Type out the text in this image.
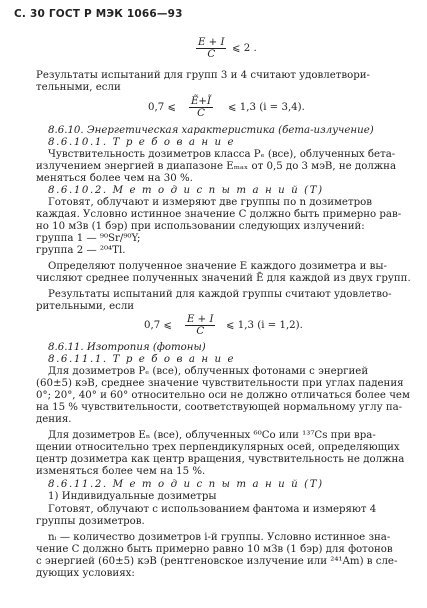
С. 30 ГОСТ Р МЭК 1066—93
$\frac{E + I}{C}$ ⩽ 2 .
Результаты испытаний для групп 3 и 4 считают удовлетвори-
тельными, если
0,7 ⩽ $\frac{Ẽ+Ĩ}{C}$ ⩽ 1,3 (i = 3,4).
8.6.10. Энергетическая характеристика (бета-излучение)
8.6.10.1. Т р е б о в а н и е
Чувствительность дозиметров класса Pₑ (все), облученных бета-
излучением энергией в диапазоне Eₘₐₓ от 0,5 до 3 мэВ, не должна
меняться более чем на 30 %.
8.6.10.2. М е т о д и с п ы т а н и й (Т)
Готовят, облучают и измеряют две группы по n дозиметров
каждая. Условно истинное значение C должно быть примерно рав-
но 10 мЗв (1 бэр) при использовании следующих излучений:
группа 1 — ⁹⁰Sr/⁹⁰Y;
группа 2 — ²⁰⁴Tl.
Определяют полученное значение E каждого дозиметра и вы-
числяют среднее полученных значений Ē для каждой из двух групп.
Результаты испытаний для каждой группы считают удовлетво-
рительными, если
0,7 ⩽ $\frac{E + I}{C}$ ⩽ 1,3 (i = 1,2).
8.6.11. Изотропия (фотоны)
8.6.11.1. Т р е б о в а н и е
Для дозиметров Pₑ (все), облученных фотонами с энергией
(60±5) кэВ, среднее значение чувствительности при углах падения
0°; 20°, 40° и 60° относительно оси не должно отличаться более чем
на 15 % чувствительности, соответствующей нормальному углу па-
дения.
Для дозиметров Eₙ (все), облученных ⁶⁰Co или ¹³⁷Cs при вра-
щении относительно трех перпендикулярных осей, определяющих
центр дозиметра как центр вращения, чувствительность не должна
изменяться более чем на 15 %.
8.6.11.2. М е т о д и с п ы т а н и й (Т)
1) Индивидуальные дозиметры
Готовят, облучают с использованием фантома и измеряют 4
группы дозиметров.
nᵢ — количество дозиметров i-й группы. Условно истинное зна-
чение C должно быть примерно равно 10 мЗв (1 бэр) для фотонов
с энергией (60±5) кэВ (рентгеновское излучение или ²⁴¹Am) в сле-
дующих условиях:
